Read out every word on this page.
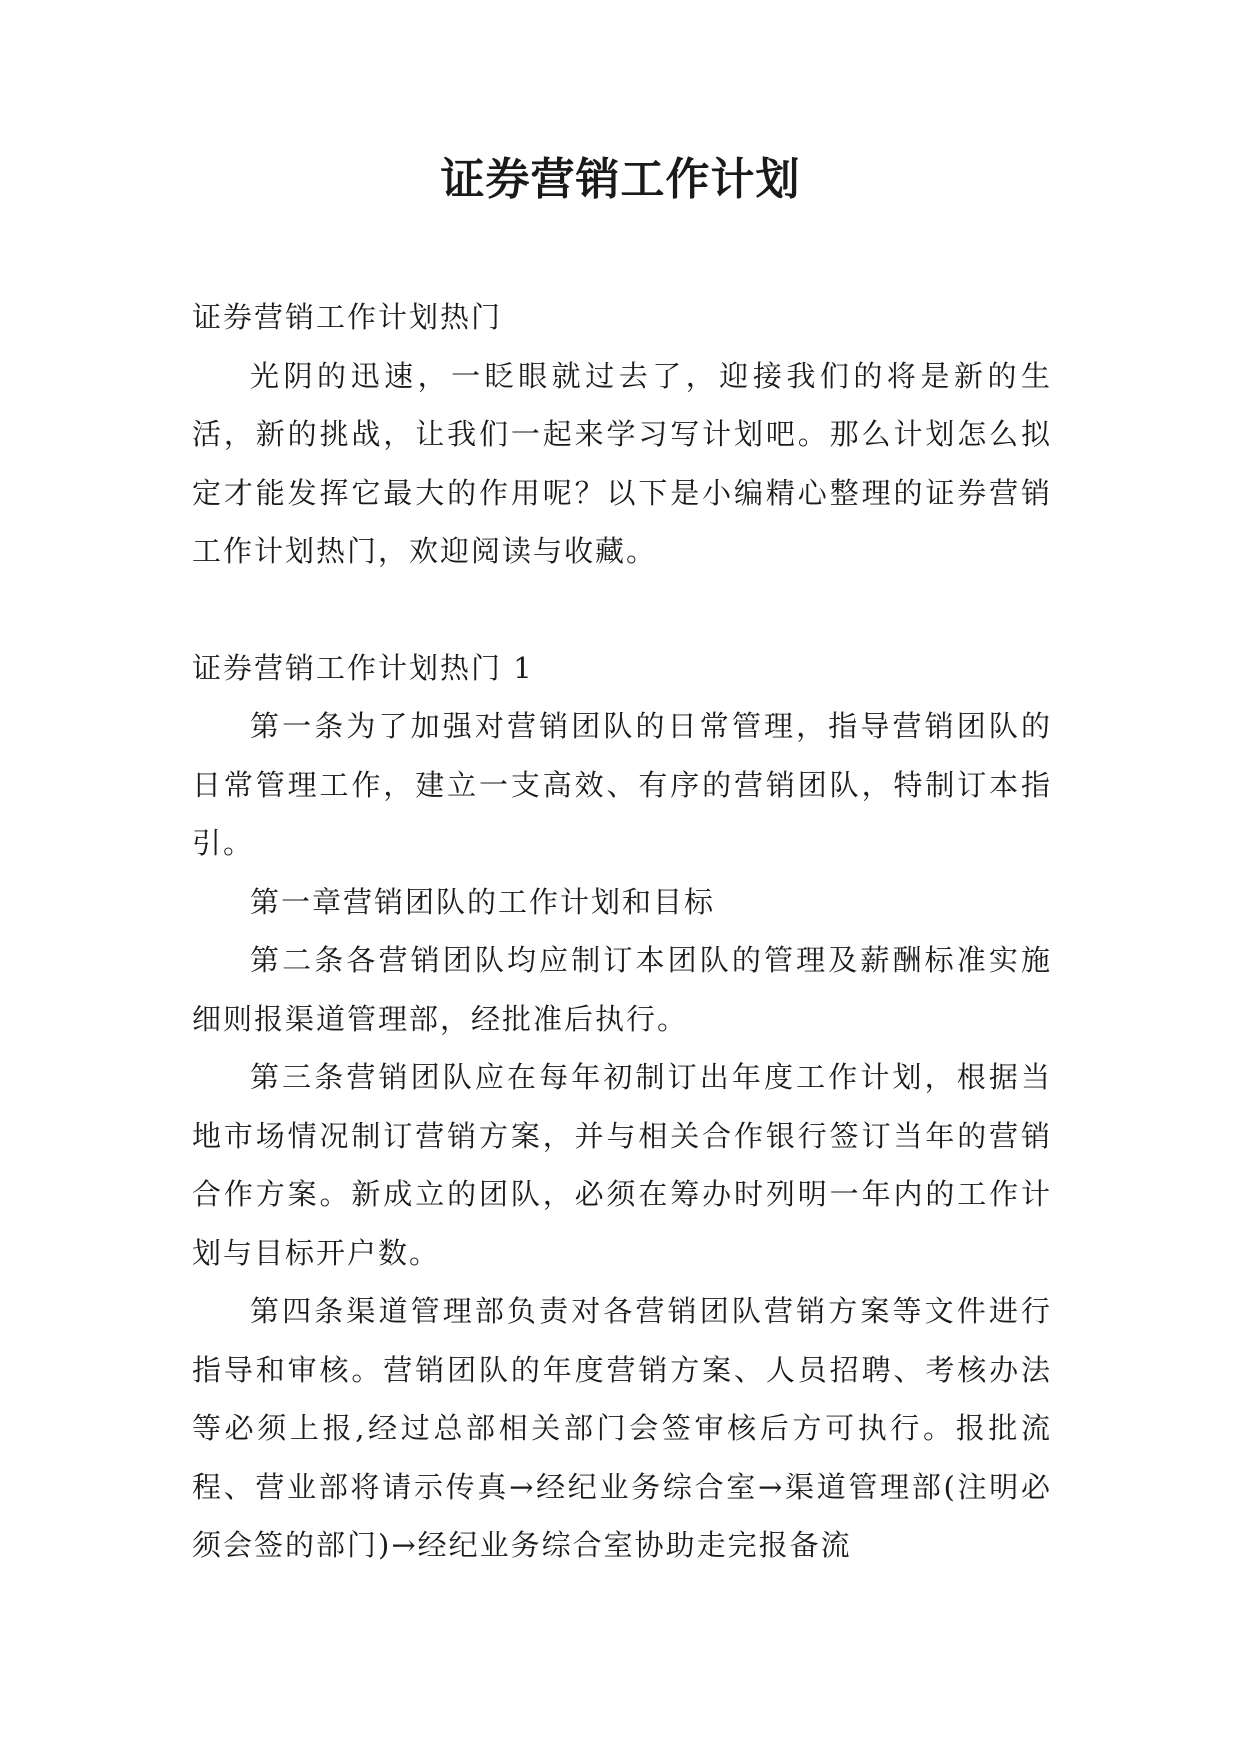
证券营销工作计划

证券营销工作计划热门

光阴的迅速，一眨眼就过去了，迎接我们的将是新的生活，新的挑战，让我们一起来学习写计划吧。那么计划怎么拟定才能发挥它最大的作用呢？以下是小编精心整理的证券营销工作计划热门，欢迎阅读与收藏。

证券营销工作计划热门 1

第一条为了加强对营销团队的日常管理，指导营销团队的日常管理工作，建立一支高效、有序的营销团队，特制订本指引。

第一章营销团队的工作计划和目标

第二条各营销团队均应制订本团队的管理及薪酬标准实施细则报渠道管理部，经批准后执行。

第三条营销团队应在每年初制订出年度工作计划，根据当地市场情况制订营销方案，并与相关合作银行签订当年的营销合作方案。新成立的团队，必须在筹办时列明一年内的工作计划与目标开户数。

第四条渠道管理部负责对各营销团队营销方案等文件进行指导和审核。营销团队的年度营销方案、人员招聘、考核办法等必须上报,经过总部相关部门会签审核后方可执行。报批流程、营业部将请示传真→经纪业务综合室→渠道管理部(注明必须会签的部门)→经纪业务综合室协助走完报备流
